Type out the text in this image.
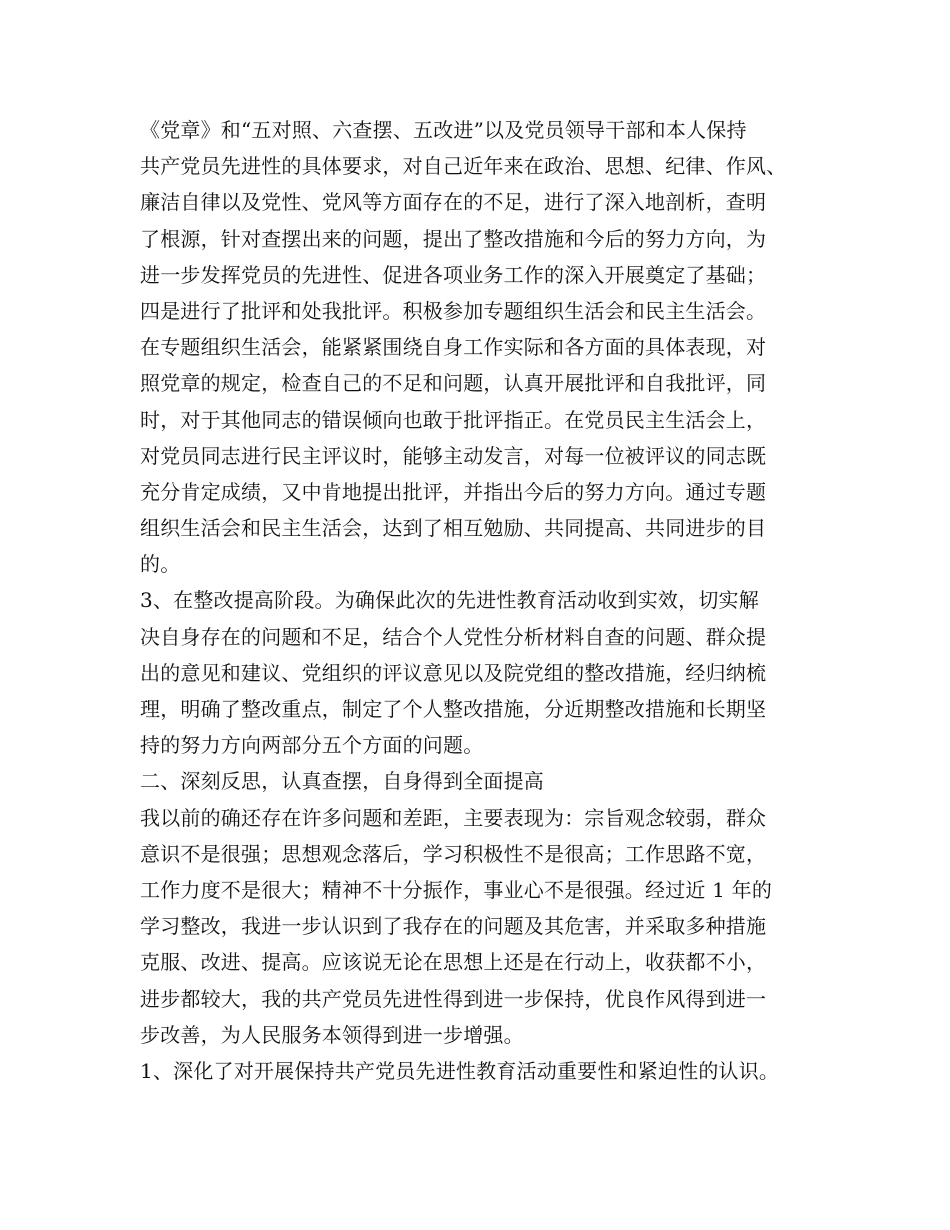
《党章》和“五对照、六查摆、五改进”以及党员领导干部和本人保持
共产党员先进性的具体要求，对自己近年来在政治、思想、纪律、作风、
廉洁自律以及党性、党风等方面存在的不足，进行了深入地剖析，查明
了根源，针对查摆出来的问题，提出了整改措施和今后的努力方向，为
进一步发挥党员的先进性、促进各项业务工作的深入开展奠定了基础；
四是进行了批评和处我批评。积极参加专题组织生活会和民主生活会。
在专题组织生活会，能紧紧围绕自身工作实际和各方面的具体表现，对
照党章的规定，检查自己的不足和问题，认真开展批评和自我批评，同
时，对于其他同志的错误倾向也敢于批评指正。在党员民主生活会上，
对党员同志进行民主评议时，能够主动发言，对每一位被评议的同志既
充分肯定成绩，又中肯地提出批评，并指出今后的努力方向。通过专题
组织生活会和民主生活会，达到了相互勉励、共同提高、共同进步的目
的。
3、在整改提高阶段。为确保此次的先进性教育活动收到实效，切实解
决自身存在的问题和不足，结合个人党性分析材料自查的问题、群众提
出的意见和建议、党组织的评议意见以及院党组的整改措施，经归纳梳
理，明确了整改重点，制定了个人整改措施，分近期整改措施和长期坚
持的努力方向两部分五个方面的问题。
二、深刻反思，认真查摆，自身得到全面提高
我以前的确还存在许多问题和差距，主要表现为：宗旨观念较弱，群众
意识不是很强；思想观念落后，学习积极性不是很高；工作思路不宽，
工作力度不是很大；精神不十分振作，事业心不是很强。经过近 1 年的
学习整改，我进一步认识到了我存在的问题及其危害，并采取多种措施
克服、改进、提高。应该说无论在思想上还是在行动上，收获都不小，
进步都较大，我的共产党员先进性得到进一步保持，优良作风得到进一
步改善，为人民服务本领得到进一步增强。
1、深化了对开展保持共产党员先进性教育活动重要性和紧迫性的认识。
